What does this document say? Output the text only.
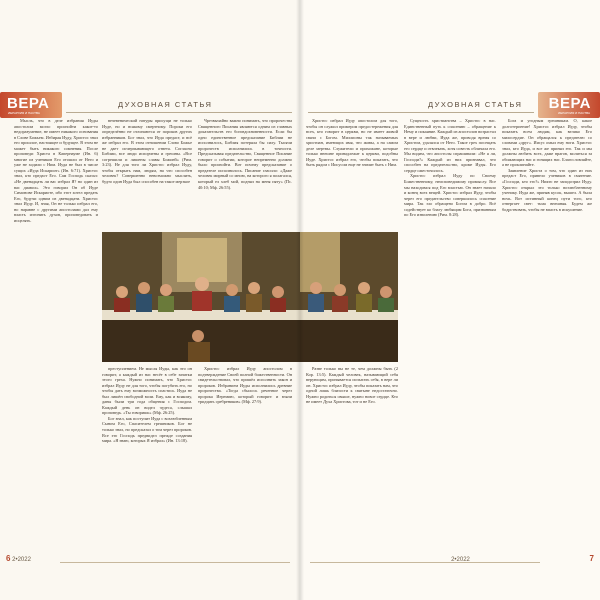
ВЕРА
ИЕРАРХИЯ И ПАСТВА
ДУХОВНАЯ СТАТЬЯ

Мысль, что в деле избрания Иуды апостолом могло произойти какое-то недоразумение, не имеет никакого основания в Слове Божьем. Избирая Иуду, Христос знал его прошлое, настоящее и будущее. В этом не может быть никакого сомнения. После проповеди Христа в Капернауме (Ин. 6) многие из учеников Его отошли от Него и уже не ходили с Ним. Иуда не был в числе сущих «Иуда Искариот» (Ин. 6:71). Христос знал, кто предаст Его. Сам Господь сказал: «Не двенадцать ли вас избрал Я? но один из вас диавол». Это говорил Он об Иуде Симонове Искариоте, ибо этот хотел предать Его, будучи одним из двенадцати. Христос знал Иуду. И, зная, Он не только избрал его, но наравне с другими апостолами дал ему власть изгонять духов, проповедовать и исцелять.

вечевенический натуры присущи не только Иуде, но и всякому смертному. Пороки его определённо не отличаются от пороков других избранников. Бог знал, что Иуда предаст, и всё же избрал его. В этом отношении Слово Божье не дает исчерпывающего ответа. Согласно Библии, все люди испорчены и грешны. «Все согрешили и лишены славы Божией» (Рим. 3:23). Не для того ли Христос избрал Иуду, чтобы открыть нам, людям, на что способен человек? Совершенно невозможно мыслить, будто один Иуда был способен на такое мерзкое

Чрезвычайно важно понимать, что пророчества Священного Писания являются одним из главных доказательств его боговдохновенности. Если бы одно единственное предсказание Библии не исполнилось, Библия потеряла бы силу. Тысячи пророчеств исполнились в точности. Предсказывая предательство, Священное Писание говорит о событии, которое непременно должно было произойти. Вот почему предсказание о предателе исполнилось. Писание гласило: «Даже человек мирный со мною, на которого я полагался, который ел хлеб мой, поднял на меня пяту» (Пс. 40:10; Мф. 26:55).

преступлением. Не мысля Иуды, как это он говорит, а каждый из нас несёт в себе зачатки этого греха. Нужно понимать, что Христос избрал Иуду не для того, чтобы погубить его, но чтобы дать ему возможность спастись. Иуда не был лишён свободной воли. Ему, как и всякому, даны были три года общения с Господом. Каждый день он видел чудеса, слышал проповедь. «Ты говоришь» (Мф. 26:25).

Бог знал, как поступит Иуда с возлюбленным Сыном Его, Спасителем грешников. Бог не только знал, но предсказал о том через пророков. Все это Господь предвидел прежде создания мира. «Я знаю, которых Я избрал» (Ин. 13:18).

Христос избрал Иуду апостолом в подтверждение Своей полной божественности. Он свидетельствовал, что пришёл исполнить закон и пророков. Избранием Иуды исполнились древние пророчества. «Тогда сбылось реченное через пророка Иеремию, который говорит: и взяли тридцать сребреников» (Мф. 27:9).

6 2•2022
ВЕРА
ИЕРАРХИЯ И ПАСТВА
ДУХОВНАЯ СТАТЬЯ

Христос избрал Иуду апостолом для того, чтобы он служил примером предостережения для всех, кто говорит в церкви, но не имеет живой связи с Богом. Миллионы так называемых христиан, имеющих имя, что живы, а на самом деле мертвы. Служители и прихожане, которые только внешне принадлежат к церкви, подобны Иуде. Христос избрал его, чтобы показать, что быть рядом с Иисусом еще не значит быть с Ним.

Сущность христианства – Христос в нас. Единственный путь к спасению – обращение к Нему и покаяние. Каждый из апостолов возрастал в вере и любви, Иуда же, проводя время со Христом, удалялся от Него. Такое грех посещать его сердце и отвлекать, хотя совесть обличала его. Мы видим, что апостолы спрашивали: «Не я ли, Господи?» Каждый из них признавал, что способен на предательство, кроме Иуды. Его сердце ожесточилось.

Христос избрал Иуду по Своему Божественному, неисповедимому промыслу. Все мы находимся под Его властью. Он знает начало и конец всех вещей. Христос избрал Иуду, чтобы через его предательство совершилось спасение мира. Так зло обращено Богом в добро. Всё содействует ко благу любящим Бога, призванным по Его изволению (Рим. 8:28).

Бога и угодным грешникам. О, какое долготерпение! Христос избрал Иуду, чтобы показать всем людям, как велико Его милосердие. Он обращался к предателю со словами «друг». Иисус омыл ему ноги. Христос знал, кто Иуда, и все же принял его. Так и мы должны любить всех, даже врагов, молиться за обижающих нас и гонящих нас. Благословляйте, а не проклинайте.

Заявление Христа о том, что один из них предаст Его, привело учеников в смятение. «Господи, кто это?» Никто не заподозрил Иуду. Христос открыл это только возлюбленному ученику. Иуда же, приняв кусок, вышел. А была ночь. Вот истинный конец пути того, кто отвергает свет: тьма внешняя. Будем же бодрствовать, чтобы не впасть в искушение.

Разве только вы не те, чем должны быть (2 Кор. 13:5). Каждый человек, называющий себя верующим, призывается испытать себя, в вере ли он. Христос избрал Иуду, чтобы показать нам, что одной лишь близости к святыне недостаточно. Нужно родиться свыше, нужно новое сердце. Кто не имеет Духа Христова, тот и не Его.

2•2022	7
